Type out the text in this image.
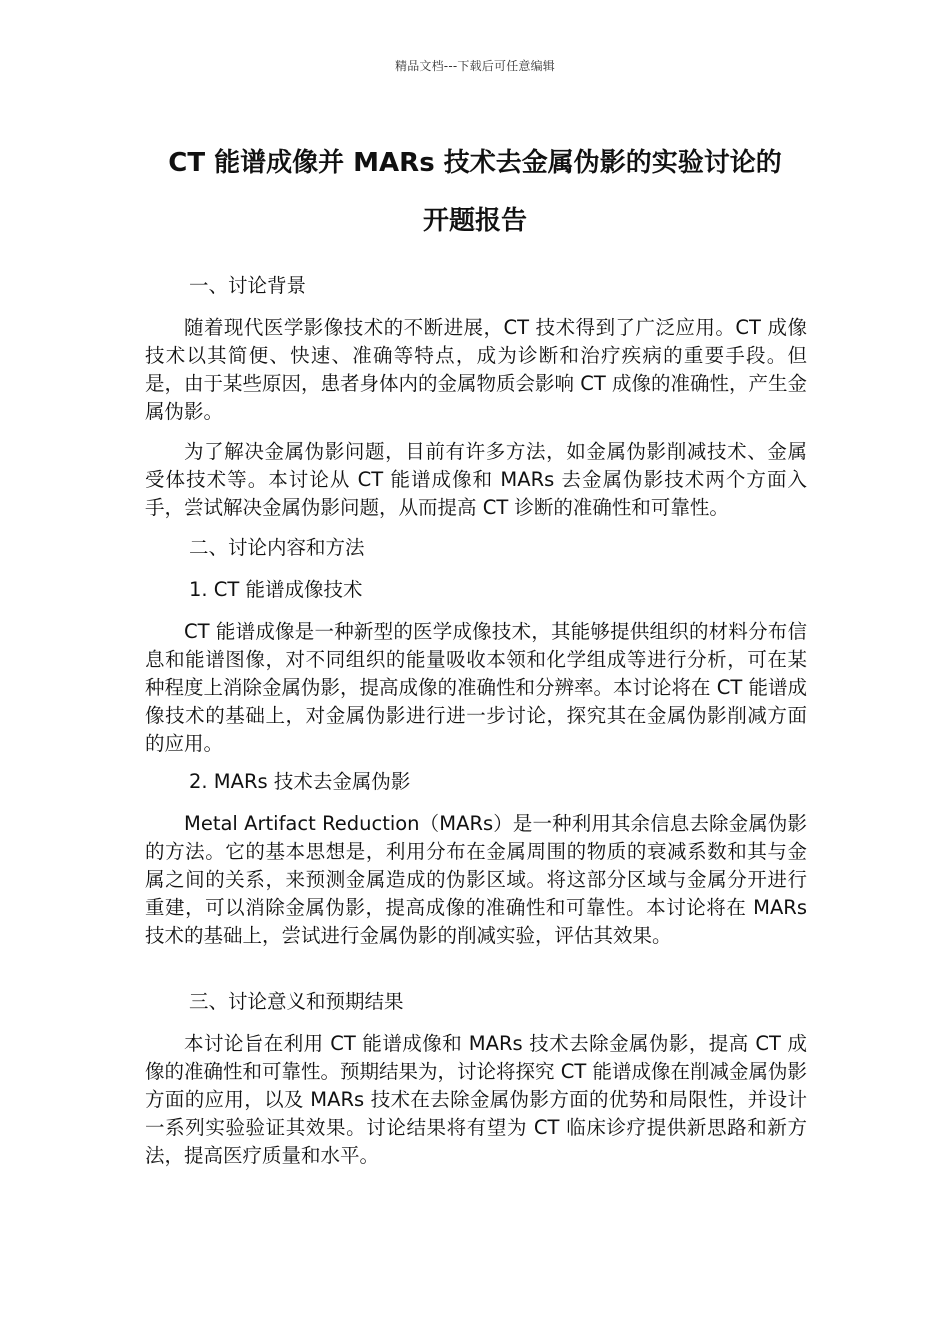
精品文档---下载后可任意编辑
CT 能谱成像并 MARs 技术去金属伪影的实验讨论的
开题报告

一、讨论背景

随着现代医学影像技术的不断进展，CT 技术得到了广泛应用。CT 成像技术以其简便、快速、准确等特点，成为诊断和治疗疾病的重要手段。但是，由于某些原因，患者身体内的金属物质会影响 CT 成像的准确性，产生金属伪影。

为了解决金属伪影问题，目前有许多方法，如金属伪影削减技术、金属受体技术等。本讨论从 CT 能谱成像和 MARs 去金属伪影技术两个方面入手，尝试解决金属伪影问题，从而提高 CT 诊断的准确性和可靠性。

二、讨论内容和方法

1. CT 能谱成像技术

CT 能谱成像是一种新型的医学成像技术，其能够提供组织的材料分布信息和能谱图像，对不同组织的能量吸收本领和化学组成等进行分析，可在某种程度上消除金属伪影，提高成像的准确性和分辨率。本讨论将在 CT 能谱成像技术的基础上，对金属伪影进行进一步讨论，探究其在金属伪影削减方面的应用。

2. MARs 技术去金属伪影

Metal Artifact Reduction（MARs）是一种利用其余信息去除金属伪影的方法。它的基本思想是，利用分布在金属周围的物质的衰减系数和其与金属之间的关系，来预测金属造成的伪影区域。将这部分区域与金属分开进行重建，可以消除金属伪影，提高成像的准确性和可靠性。本讨论将在 MARs 技术的基础上，尝试进行金属伪影的削减实验，评估其效果。

三、讨论意义和预期结果

本讨论旨在利用 CT 能谱成像和 MARs 技术去除金属伪影，提高 CT 成像的准确性和可靠性。预期结果为，讨论将探究 CT 能谱成像在削减金属伪影方面的应用，以及 MARs 技术在去除金属伪影方面的优势和局限性，并设计一系列实验验证其效果。讨论结果将有望为 CT 临床诊疗提供新思路和新方法，提高医疗质量和水平。
